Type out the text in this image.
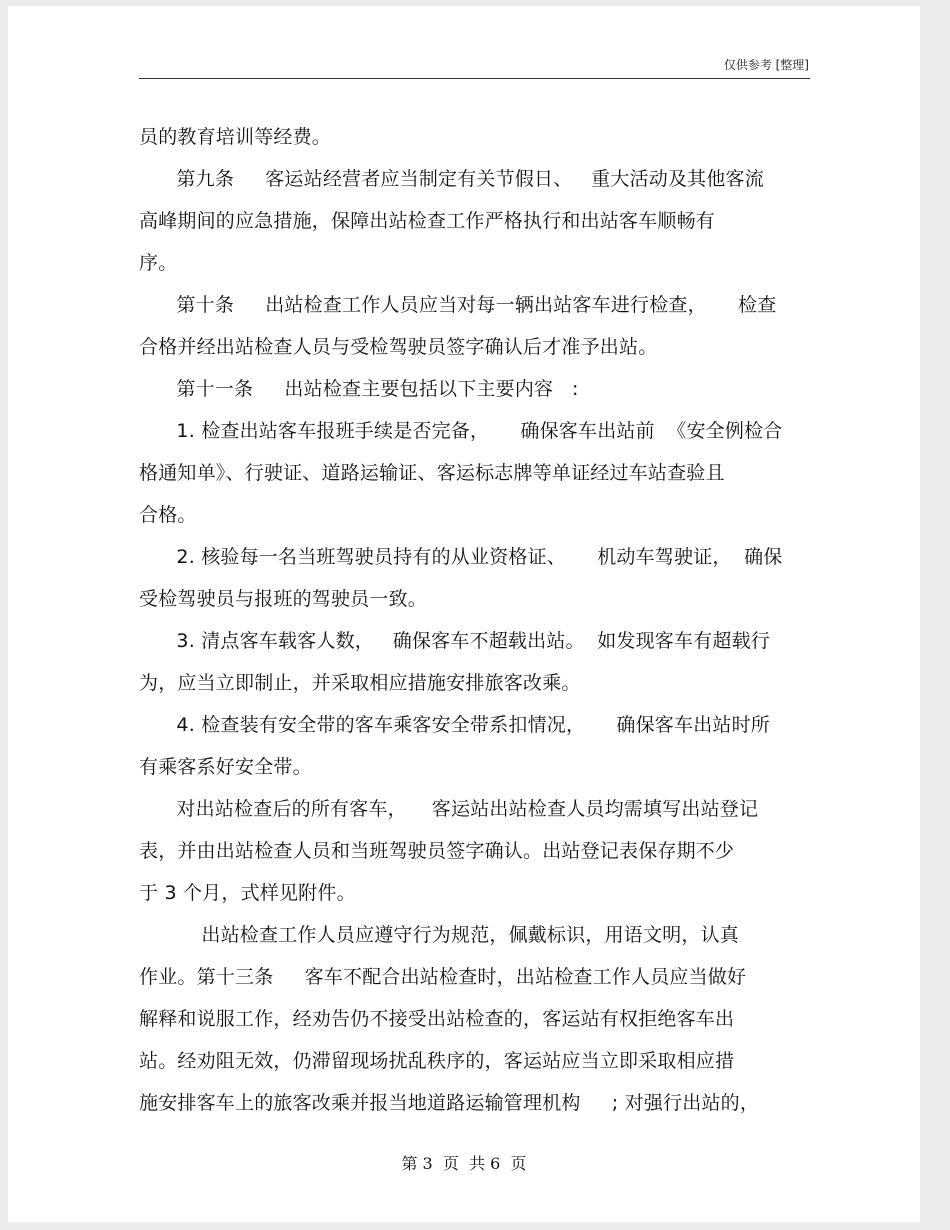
仅供参考 [整理]
员的教育培训等经费。
第九条     客运站经营者应当制定有关节假日、   重大活动及其他客流
高峰期间的应急措施，保障出站检查工作严格执行和出站客车顺畅有
序。
第十条     出站检查工作人员应当对每一辆出站客车进行检查，     检查
合格并经出站检查人员与受检驾驶员签字确认后才准予出站。
第十一条     出站检查主要包括以下主要内容   :
1. 检查出站客车报班手续是否完备，     确保客车出站前  《安全例检合
格通知单》、行驶证、道路运输证、客运标志牌等单证经过车站查验且
合格。
2. 核验每一名当班驾驶员持有的从业资格证、     机动车驾驶证，  确保
受检驾驶员与报班的驾驶员一致。
3. 清点客车载客人数，   确保客车不超载出站。  如发现客车有超载行
为，应当立即制止，并采取相应措施安排旅客改乘。
4. 检查装有安全带的客车乘客安全带系扣情况，     确保客车出站时所
有乘客系好安全带。
对出站检查后的所有客车，    客运站出站检查人员均需填写出站登记
表，并由出站检查人员和当班驾驶员签字确认。出站登记表保存期不少
于 3 个月，式样见附件。
出站检查工作人员应遵守行为规范，佩戴标识，用语文明，认真
作业。第十三条     客车不配合出站检查时，出站检查工作人员应当做好
解释和说服工作，经劝告仍不接受出站检查的，客运站有权拒绝客车出
站。经劝阻无效，仍滞留现场扰乱秩序的，客运站应当立即采取相应措
施安排客车上的旅客改乘并报当地道路运输管理机构     ; 对强行出站的，
第 3  页  共 6  页
